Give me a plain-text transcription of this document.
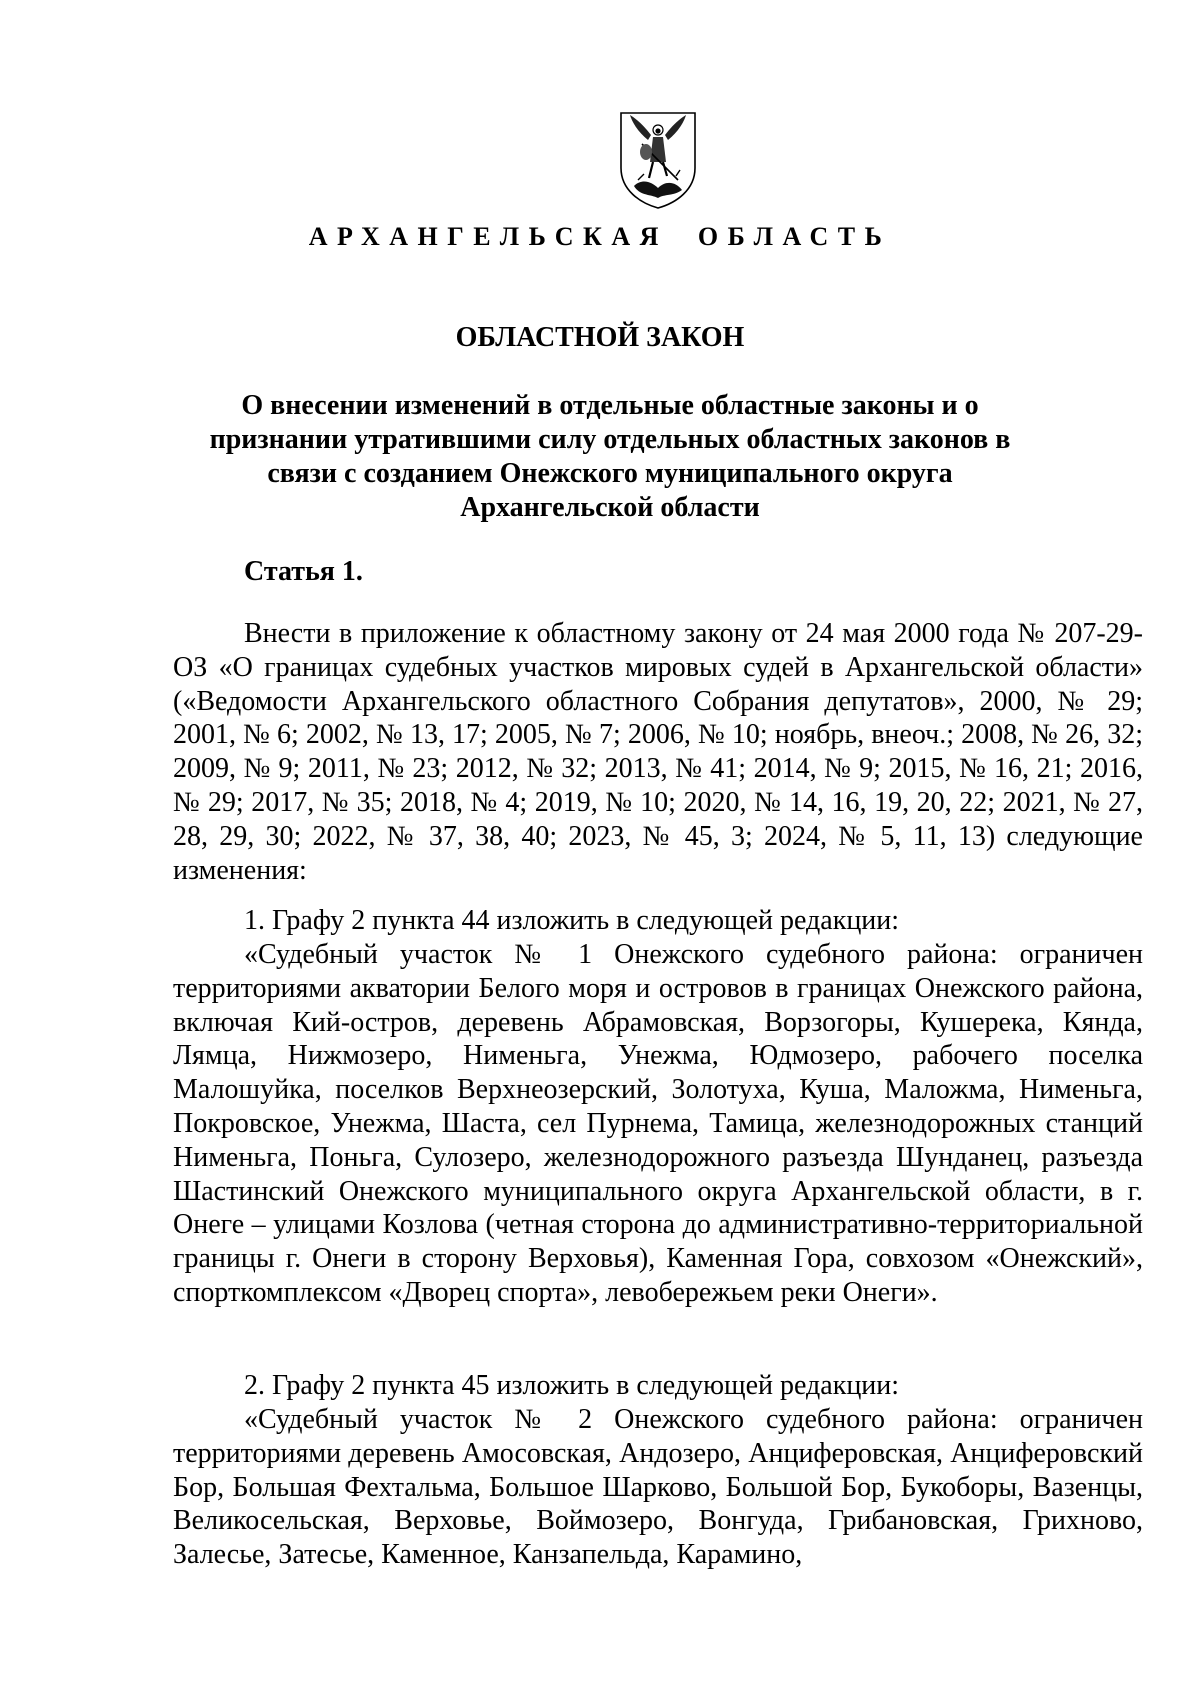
АРХАНГЕЛЬСКАЯ ОБЛАСТЬ
ОБЛАСТНОЙ ЗАКОН
О внесении изменений в отдельные областные законы и о признании утратившими силу отдельных областных законов в связи с созданием Онежского муниципального округа Архангельской области
Статья 1.
Внести в приложение к областному закону от 24 мая 2000 года № 207-29-ОЗ «О границах судебных участков мировых судей в Архангельской области» («Ведомости Архангельского областного Собрания депутатов», 2000, № 29; 2001, № 6; 2002, № 13, 17; 2005, № 7; 2006, № 10; ноябрь, внеоч.; 2008, № 26, 32; 2009, № 9; 2011, № 23; 2012, № 32; 2013, № 41; 2014, № 9; 2015, № 16, 21; 2016, № 29; 2017, № 35; 2018, № 4; 2019, № 10; 2020, № 14, 16, 19, 20, 22; 2021, № 27, 28, 29, 30; 2022, № 37, 38, 40; 2023, № 45, 3; 2024, № 5, 11, 13) следующие изменения:
1. Графу 2 пункта 44 изложить в следующей редакции:
«Судебный участок № 1 Онежского судебного района: ограничен территориями акватории Белого моря и островов в границах Онежского района, включая Кий-остров, деревень Абрамовская, Ворзогоры, Кушерека, Кянда, Лямца, Нижмозеро, Нименьга, Унежма, Юдмозеро, рабочего поселка Малошуйка, поселков Верхнеозерский, Золотуха, Куша, Маложма, Нименьга, Покровское, Унежма, Шаста, сел Пурнема, Тамица, железнодорожных станций Нименьга, Поньга, Сулозеро, железнодорожного разъезда Шунданец, разъезда Шастинский Онежского муниципального округа Архангельской области, в г. Онеге – улицами Козлова (четная сторона до административно-территориальной границы г. Онеги в сторону Верховья), Каменная Гора, совхозом «Онежский», спорткомплексом «Дворец спорта», левобережьем реки Онеги».
2. Графу 2 пункта 45 изложить в следующей редакции:
«Судебный участок № 2 Онежского судебного района: ограничен территориями деревень Амосовская, Андозеро, Анциферовская, Анциферовский Бор, Большая Фехтальма, Большое Шарково, Большой Бор, Букоборы, Вазенцы, Великосельская, Верховье, Воймозеро, Вонгуда, Грибановская, Грихново, Залесье, Затесье, Каменное, Канзапельда, Карамино,
